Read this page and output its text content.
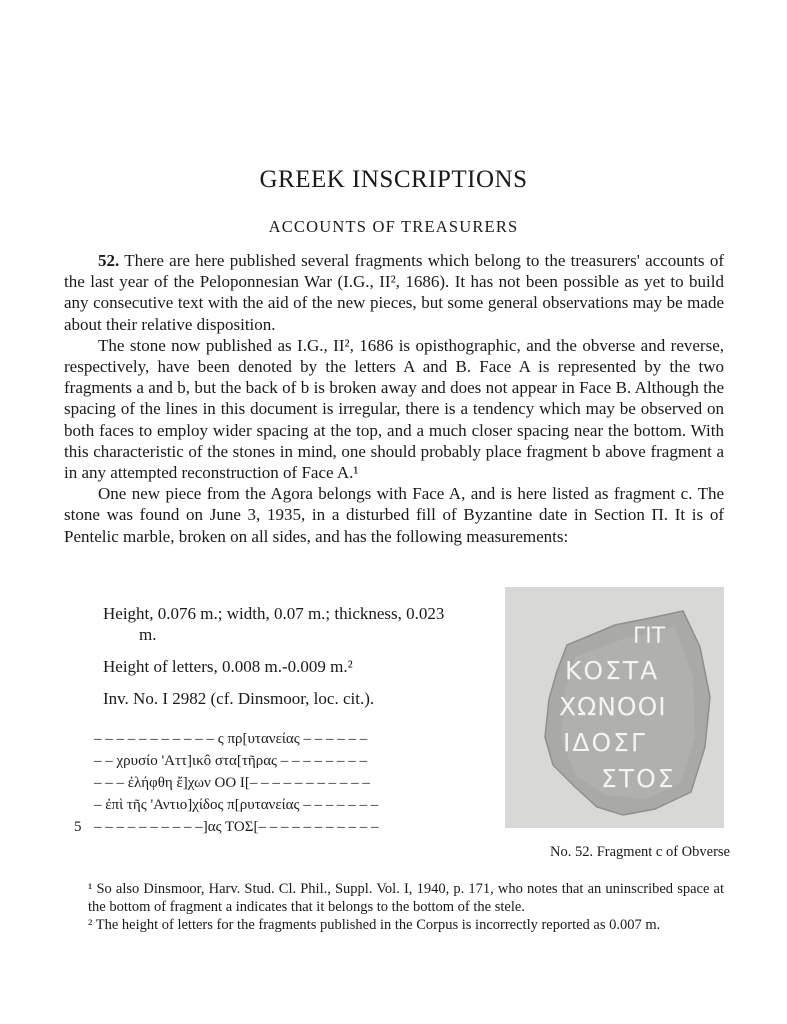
GREEK INSCRIPTIONS
ACCOUNTS OF TREASURERS

52. There are here published several fragments which belong to the treasurers' accounts of the last year of the Peloponnesian War (I.G., II², 1686). It has not been possible as yet to build any consecutive text with the aid of the new pieces, but some general observations may be made about their relative disposition.

The stone now published as I.G., II², 1686 is opisthographic, and the obverse and reverse, respectively, have been denoted by the letters A and B. Face A is represented by the two fragments a and b, but the back of b is broken away and does not appear in Face B. Although the spacing of the lines in this document is irregular, there is a tendency which may be observed on both faces to employ wider spacing at the top, and a much closer spacing near the bottom. With this characteristic of the stones in mind, one should probably place fragment b above fragment a in any attempted reconstruction of Face A.¹

One new piece from the Agora belongs with Face A, and is here listed as fragment c. The stone was found on June 3, 1935, in a disturbed fill of Byzantine date in Section Π. It is of Pentelic marble, broken on all sides, and has the following measurements:

Height, 0.076 m.; width, 0.07 m.; thickness, 0.023 m.
Height of letters, 0.008 m.-0.009 m.²
Inv. No. I 2982 (cf. Dinsmoor, loc. cit.).
– – – – – – – – – – – ς πρ[υτανείας – – – – – –
– – χρυσίο 'Αττ]ικô στα[τῆρας – – – – – – – –
– – – ἐλήφθη ἔ]χων ΟΟ Ι[– – – – – – – – – – –
– ἐπὶ τῆς 'Αντιο]χίδος π[ρυτανείας – – – – – – –
5 – – – – – – – – – –]ας ΤΟΣ[– – – – – – – – – – –
ΓΙΤ
ΚΟΣΤΑ
ΧΩΝΟΟΙ
ΙΔΟΣΓ
ΣΤΟΣ
No. 52. Fragment c of Obverse

¹ So also Dinsmoor, Harv. Stud. Cl. Phil., Suppl. Vol. I, 1940, p. 171, who notes that an uninscribed space at the bottom of fragment a indicates that it belongs to the bottom of the stele.

² The height of letters for the fragments published in the Corpus is incorrectly reported as 0.007 m.
